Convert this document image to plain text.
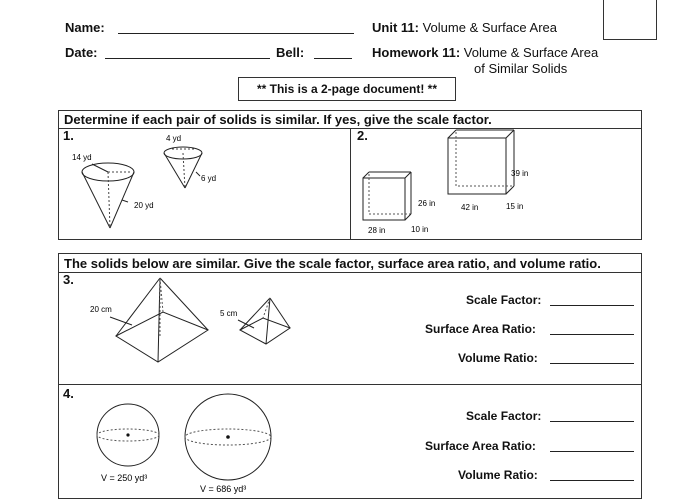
Name:
Date:	Bell:
Unit 11: Volume & Surface Area
Homework 11: Volume & Surface Area
of Similar Solids
** This is a 2-page document! **
Determine if each pair of solids is similar. If yes, give the scale factor.
1.	2.
14 yd
20 yd
4 yd
6 yd
26 in
28 in	10 in
39 in
42 in	15 in
The solids below are similar. Give the scale factor, surface area ratio, and volume ratio.
3.
4.
20 cm	5 cm
Scale Factor:
Surface Area Ratio:
Volume Ratio:
V = 250 yd³
V = 686 yd³
Scale Factor:
Surface Area Ratio:
Volume Ratio:
